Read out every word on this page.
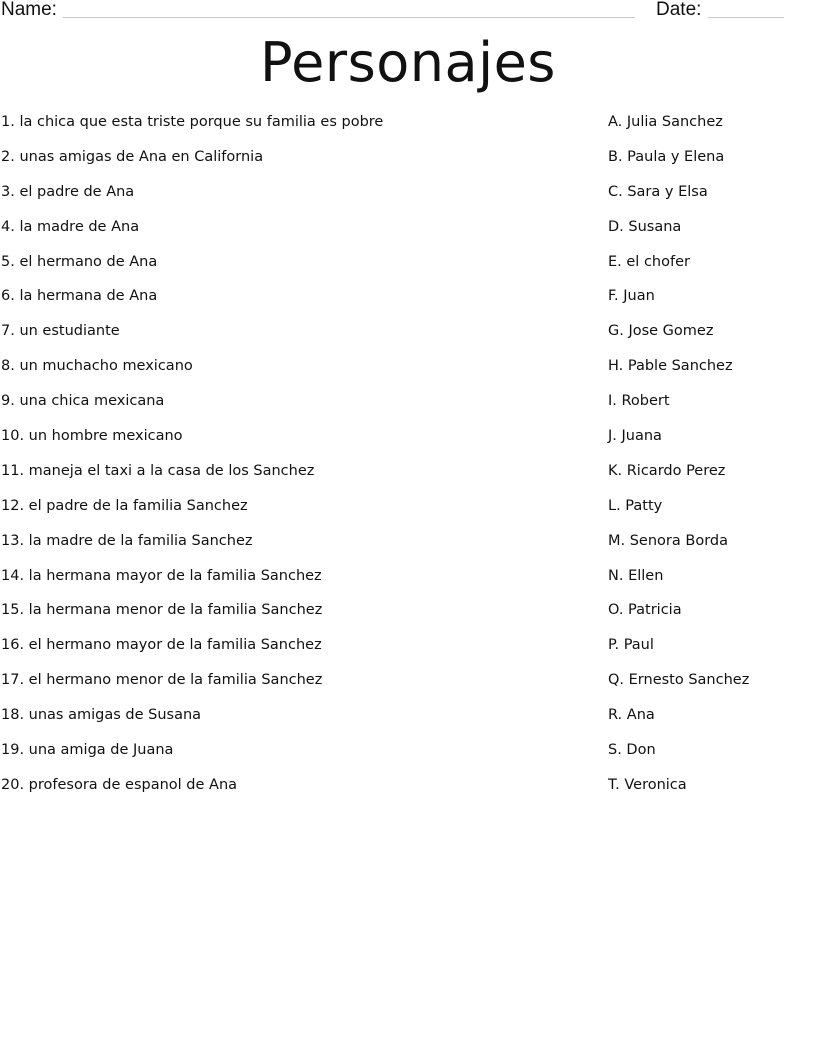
Name:	Date:
Personajes
1. la chica que esta triste porque su familia es pobre
2. unas amigas de Ana en California
3. el padre de Ana
4. la madre de Ana
5. el hermano de Ana
6. la hermana de Ana
7. un estudiante
8. un muchacho mexicano
9. una chica mexicana
10. un hombre mexicano
11. maneja el taxi a la casa de los Sanchez
12. el padre de la familia Sanchez
13. la madre de la familia Sanchez
14. la hermana mayor de la familia Sanchez
15. la hermana menor de la familia Sanchez
16. el hermano mayor de la familia Sanchez
17. el hermano menor de la familia Sanchez
18. unas amigas de Susana
19. una amiga de Juana
20. profesora de espanol de Ana
A. Julia Sanchez
B. Paula y Elena
C. Sara y Elsa
D. Susana
E. el chofer
F. Juan
G. Jose Gomez
H. Pable Sanchez
I. Robert
J. Juana
K. Ricardo Perez
L. Patty
M. Senora Borda
N. Ellen
O. Patricia
P. Paul
Q. Ernesto Sanchez
R. Ana
S. Don
T. Veronica
